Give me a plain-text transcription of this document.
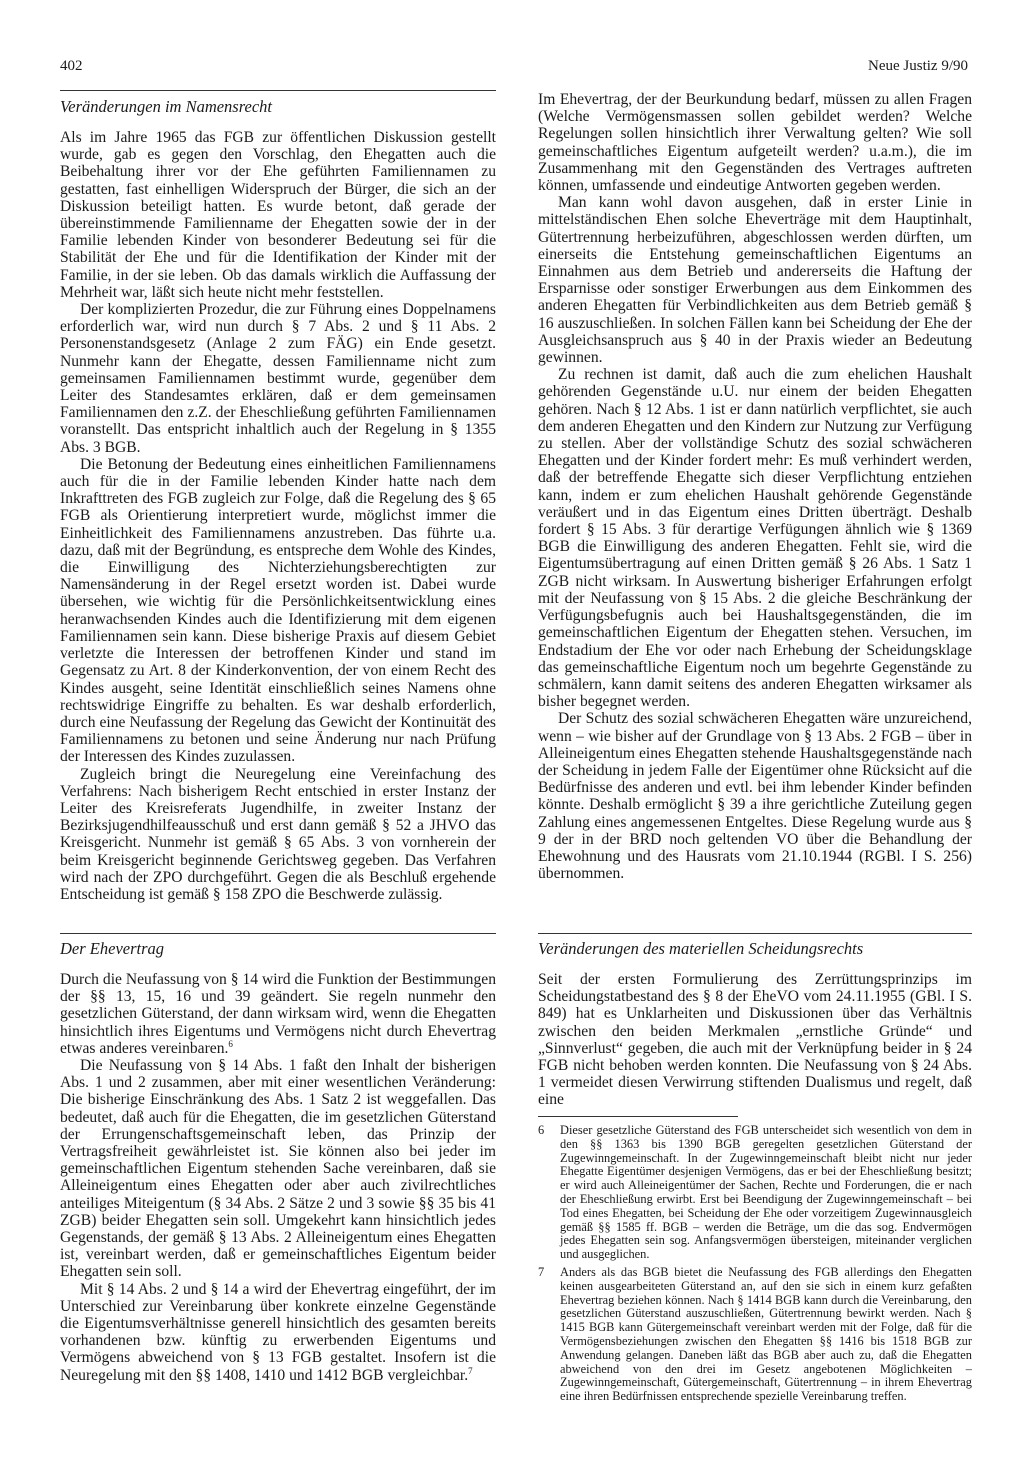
402	Neue Justiz 9/90
Veränderungen im Namensrecht

Als im Jahre 1965 das FGB zur öffentlichen Diskussion gestellt wurde, gab es gegen den Vorschlag, den Ehegatten auch die Beibehaltung ihrer vor der Ehe geführten Familiennamen zu gestatten, fast einhelligen Widerspruch der Bürger, die sich an der Diskussion beteiligt hatten. Es wurde betont, daß gerade der übereinstimmende Familienname der Ehegatten sowie der in der Familie lebenden Kinder von besonderer Bedeutung sei für die Stabilität der Ehe und für die Identifikation der Kinder mit der Familie, in der sie leben. Ob das damals wirklich die Auffassung der Mehrheit war, läßt sich heute nicht mehr feststellen.

Der komplizierten Prozedur, die zur Führung eines Doppelnamens erforderlich war, wird nun durch § 7 Abs. 2 und § 11 Abs. 2 Personenstandsgesetz (Anlage 2 zum FÄG) ein Ende gesetzt. Nunmehr kann der Ehegatte, dessen Familienname nicht zum gemeinsamen Familiennamen bestimmt wurde, gegenüber dem Leiter des Standesamtes erklären, daß er dem gemeinsamen Familiennamen den z.Z. der Eheschließung geführten Familiennamen voranstellt. Das entspricht inhaltlich auch der Regelung in § 1355 Abs. 3 BGB.

Die Betonung der Bedeutung eines einheitlichen Familiennamens auch für die in der Familie lebenden Kinder hatte nach dem Inkrafttreten des FGB zugleich zur Folge, daß die Regelung des § 65 FGB als Orientierung interpretiert wurde, möglichst immer die Einheitlichkeit des Familiennamens anzustreben. Das führte u.a. dazu, daß mit der Begründung, es entspreche dem Wohle des Kindes, die Einwilligung des Nichterziehungsberechtigten zur Namensänderung in der Regel ersetzt worden ist. Dabei wurde übersehen, wie wichtig für die Persönlichkeitsentwicklung eines heranwachsenden Kindes auch die Identifizierung mit dem eigenen Familiennamen sein kann. Diese bisherige Praxis auf diesem Gebiet verletzte die Interessen der betroffenen Kinder und stand im Gegensatz zu Art. 8 der Kinderkonvention, der von einem Recht des Kindes ausgeht, seine Identität einschließlich seines Namens ohne rechtswidrige Eingriffe zu behalten. Es war deshalb erforderlich, durch eine Neufassung der Regelung das Gewicht der Kontinuität des Familiennamens zu betonen und seine Änderung nur nach Prüfung der Interessen des Kindes zuzulassen.

Zugleich bringt die Neuregelung eine Vereinfachung des Verfahrens: Nach bisherigem Recht entschied in erster Instanz der Leiter des Kreisreferats Jugendhilfe, in zweiter Instanz der Bezirksjugendhilfeausschuß und erst dann gemäß § 52 a JHVO das Kreisgericht. Nunmehr ist gemäß § 65 Abs. 3 von vornherein der beim Kreisgericht beginnende Gerichtsweg gegeben. Das Verfahren wird nach der ZPO durchgeführt. Gegen die als Beschluß ergehende Entscheidung ist gemäß § 158 ZPO die Beschwerde zulässig.

Der Ehevertrag

Durch die Neufassung von § 14 wird die Funktion der Bestimmungen der §§ 13, 15, 16 und 39 geändert. Sie regeln nunmehr den gesetzlichen Güterstand, der dann wirksam wird, wenn die Ehegatten hinsichtlich ihres Eigentums und Vermögens nicht durch Ehevertrag etwas anderes vereinbaren.$^6$

Die Neufassung von § 14 Abs. 1 faßt den Inhalt der bisherigen Abs. 1 und 2 zusammen, aber mit einer wesentlichen Veränderung: Die bisherige Einschränkung des Abs. 1 Satz 2 ist weggefallen. Das bedeutet, daß auch für die Ehegatten, die im gesetzlichen Güterstand der Errungenschaftsgemeinschaft leben, das Prinzip der Vertragsfreiheit gewährleistet ist. Sie können also bei jeder im gemeinschaftlichen Eigentum stehenden Sache vereinbaren, daß sie Alleineigentum eines Ehegatten oder aber auch zivilrechtliches anteiliges Miteigentum (§ 34 Abs. 2 Sätze 2 und 3 sowie §§ 35 bis 41 ZGB) beider Ehegatten sein soll. Umgekehrt kann hinsichtlich jedes Gegenstands, der gemäß § 13 Abs. 2 Alleineigentum eines Ehegatten ist, vereinbart werden, daß er gemeinschaftliches Eigentum beider Ehegatten sein soll.

Mit § 14 Abs. 2 und § 14 a wird der Ehevertrag eingeführt, der im Unterschied zur Vereinbarung über konkrete einzelne Gegenstände die Eigentumsverhältnisse generell hinsichtlich des gesamten bereits vorhandenen bzw. künftig zu erwerbenden Eigentums und Vermögens abweichend von § 13 FGB gestaltet. Insofern ist die Neuregelung mit den §§ 1408, 1410 und 1412 BGB vergleichbar.$^7$

Im Ehevertrag, der der Beurkundung bedarf, müssen zu allen Fragen (Welche Vermögensmassen sollen gebildet werden? Welche Regelungen sollen hinsichtlich ihrer Verwaltung gelten? Wie soll gemeinschaftliches Eigentum aufgeteilt werden? u.a.m.), die im Zusammenhang mit den Gegenständen des Vertrages auftreten können, umfassende und eindeutige Antworten gegeben werden.

Man kann wohl davon ausgehen, daß in erster Linie in mittelständischen Ehen solche Eheverträge mit dem Hauptinhalt, Gütertrennung herbeizuführen, abgeschlossen werden dürften, um einerseits die Entstehung gemeinschaftlichen Eigentums an Einnahmen aus dem Betrieb und andererseits die Haftung der Ersparnisse oder sonstiger Erwerbungen aus dem Einkommen des anderen Ehegatten für Verbindlichkeiten aus dem Betrieb gemäß § 16 auszuschließen. In solchen Fällen kann bei Scheidung der Ehe der Ausgleichsanspruch aus § 40 in der Praxis wieder an Bedeutung gewinnen.

Zu rechnen ist damit, daß auch die zum ehelichen Haushalt gehörenden Gegenstände u.U. nur einem der beiden Ehegatten gehören. Nach § 12 Abs. 1 ist er dann natürlich verpflichtet, sie auch dem anderen Ehegatten und den Kindern zur Nutzung zur Verfügung zu stellen. Aber der vollständige Schutz des sozial schwächeren Ehegatten und der Kinder fordert mehr: Es muß verhindert werden, daß der betreffende Ehegatte sich dieser Verpflichtung entziehen kann, indem er zum ehelichen Haushalt gehörende Gegenstände veräußert und in das Eigentum eines Dritten überträgt. Deshalb fordert § 15 Abs. 3 für derartige Verfügungen ähnlich wie § 1369 BGB die Einwilligung des anderen Ehegatten. Fehlt sie, wird die Eigentumsübertragung auf einen Dritten gemäß § 26 Abs. 1 Satz 1 ZGB nicht wirksam. In Auswertung bisheriger Erfahrungen erfolgt mit der Neufassung von § 15 Abs. 2 die gleiche Beschränkung der Verfügungsbefugnis auch bei Haushaltsgegenständen, die im gemeinschaftlichen Eigentum der Ehegatten stehen. Versuchen, im Endstadium der Ehe vor oder nach Erhebung der Scheidungsklage das gemeinschaftliche Eigentum noch um begehrte Gegenstände zu schmälern, kann damit seitens des anderen Ehegatten wirksamer als bisher begegnet werden.

Der Schutz des sozial schwächeren Ehegatten wäre unzureichend, wenn – wie bisher auf der Grundlage von § 13 Abs. 2 FGB – über in Alleineigentum eines Ehegatten stehende Haushaltsgegenstände nach der Scheidung in jedem Falle der Eigentümer ohne Rücksicht auf die Bedürfnisse des anderen und evtl. bei ihm lebender Kinder befinden könnte. Deshalb ermöglicht § 39 a ihre gerichtliche Zuteilung gegen Zahlung eines angemessenen Entgeltes. Diese Regelung wurde aus § 9 der in der BRD noch geltenden VO über die Behandlung der Ehewohnung und des Hausrats vom 21.10.1944 (RGBl. I S. 256) übernommen.

Veränderungen des materiellen Scheidungsrechts

Seit der ersten Formulierung des Zerrüttungsprinzips im Scheidungstatbestand des § 8 der EheVO vom 24.11.1955 (GBl. I S. 849) hat es Unklarheiten und Diskussionen über das Verhältnis zwischen den beiden Merkmalen „ernstliche Gründe“ und „Sinnverlust“ gegeben, die auch mit der Verknüpfung beider in § 24 FGB nicht behoben werden konnten. Die Neufassung von § 24 Abs. 1 vermeidet diesen Verwirrung stiftenden Dualismus und regelt, daß eine

6 Dieser gesetzliche Güterstand des FGB unterscheidet sich wesentlich von dem in den §§ 1363 bis 1390 BGB geregelten gesetzlichen Güterstand der Zugewinngemeinschaft. In der Zugewinngemeinschaft bleibt nicht nur jeder Ehegatte Eigentümer desjenigen Vermögens, das er bei der Eheschließung besitzt; er wird auch Alleineigentümer der Sachen, Rechte und Forderungen, die er nach der Eheschließung erwirbt. Erst bei Beendigung der Zugewinngemeinschaft – bei Tod eines Ehegatten, bei Scheidung der Ehe oder vorzeitigem Zugewinnausgleich gemäß §§ 1585 ff. BGB – werden die Beträge, um die das sog. Endvermögen jedes Ehegatten sein sog. Anfangsvermögen übersteigen, miteinander verglichen und ausgeglichen.
7 Anders als das BGB bietet die Neufassung des FGB allerdings den Ehegatten keinen ausgearbeiteten Güterstand an, auf den sie sich in einem kurz gefaßten Ehevertrag beziehen können. Nach § 1414 BGB kann durch die Vereinbarung, den gesetzlichen Güterstand auszuschließen, Gütertrennung bewirkt werden. Nach § 1415 BGB kann Gütergemeinschaft vereinbart werden mit der Folge, daß für die Vermögensbeziehungen zwischen den Ehegatten §§ 1416 bis 1518 BGB zur Anwendung gelangen. Daneben läßt das BGB aber auch zu, daß die Ehegatten abweichend von den drei im Gesetz angebotenen Möglichkeiten – Zugewinngemeinschaft, Gütergemeinschaft, Gütertrennung – in ihrem Ehevertrag eine ihren Bedürfnissen entsprechende spezielle Vereinbarung treffen.
